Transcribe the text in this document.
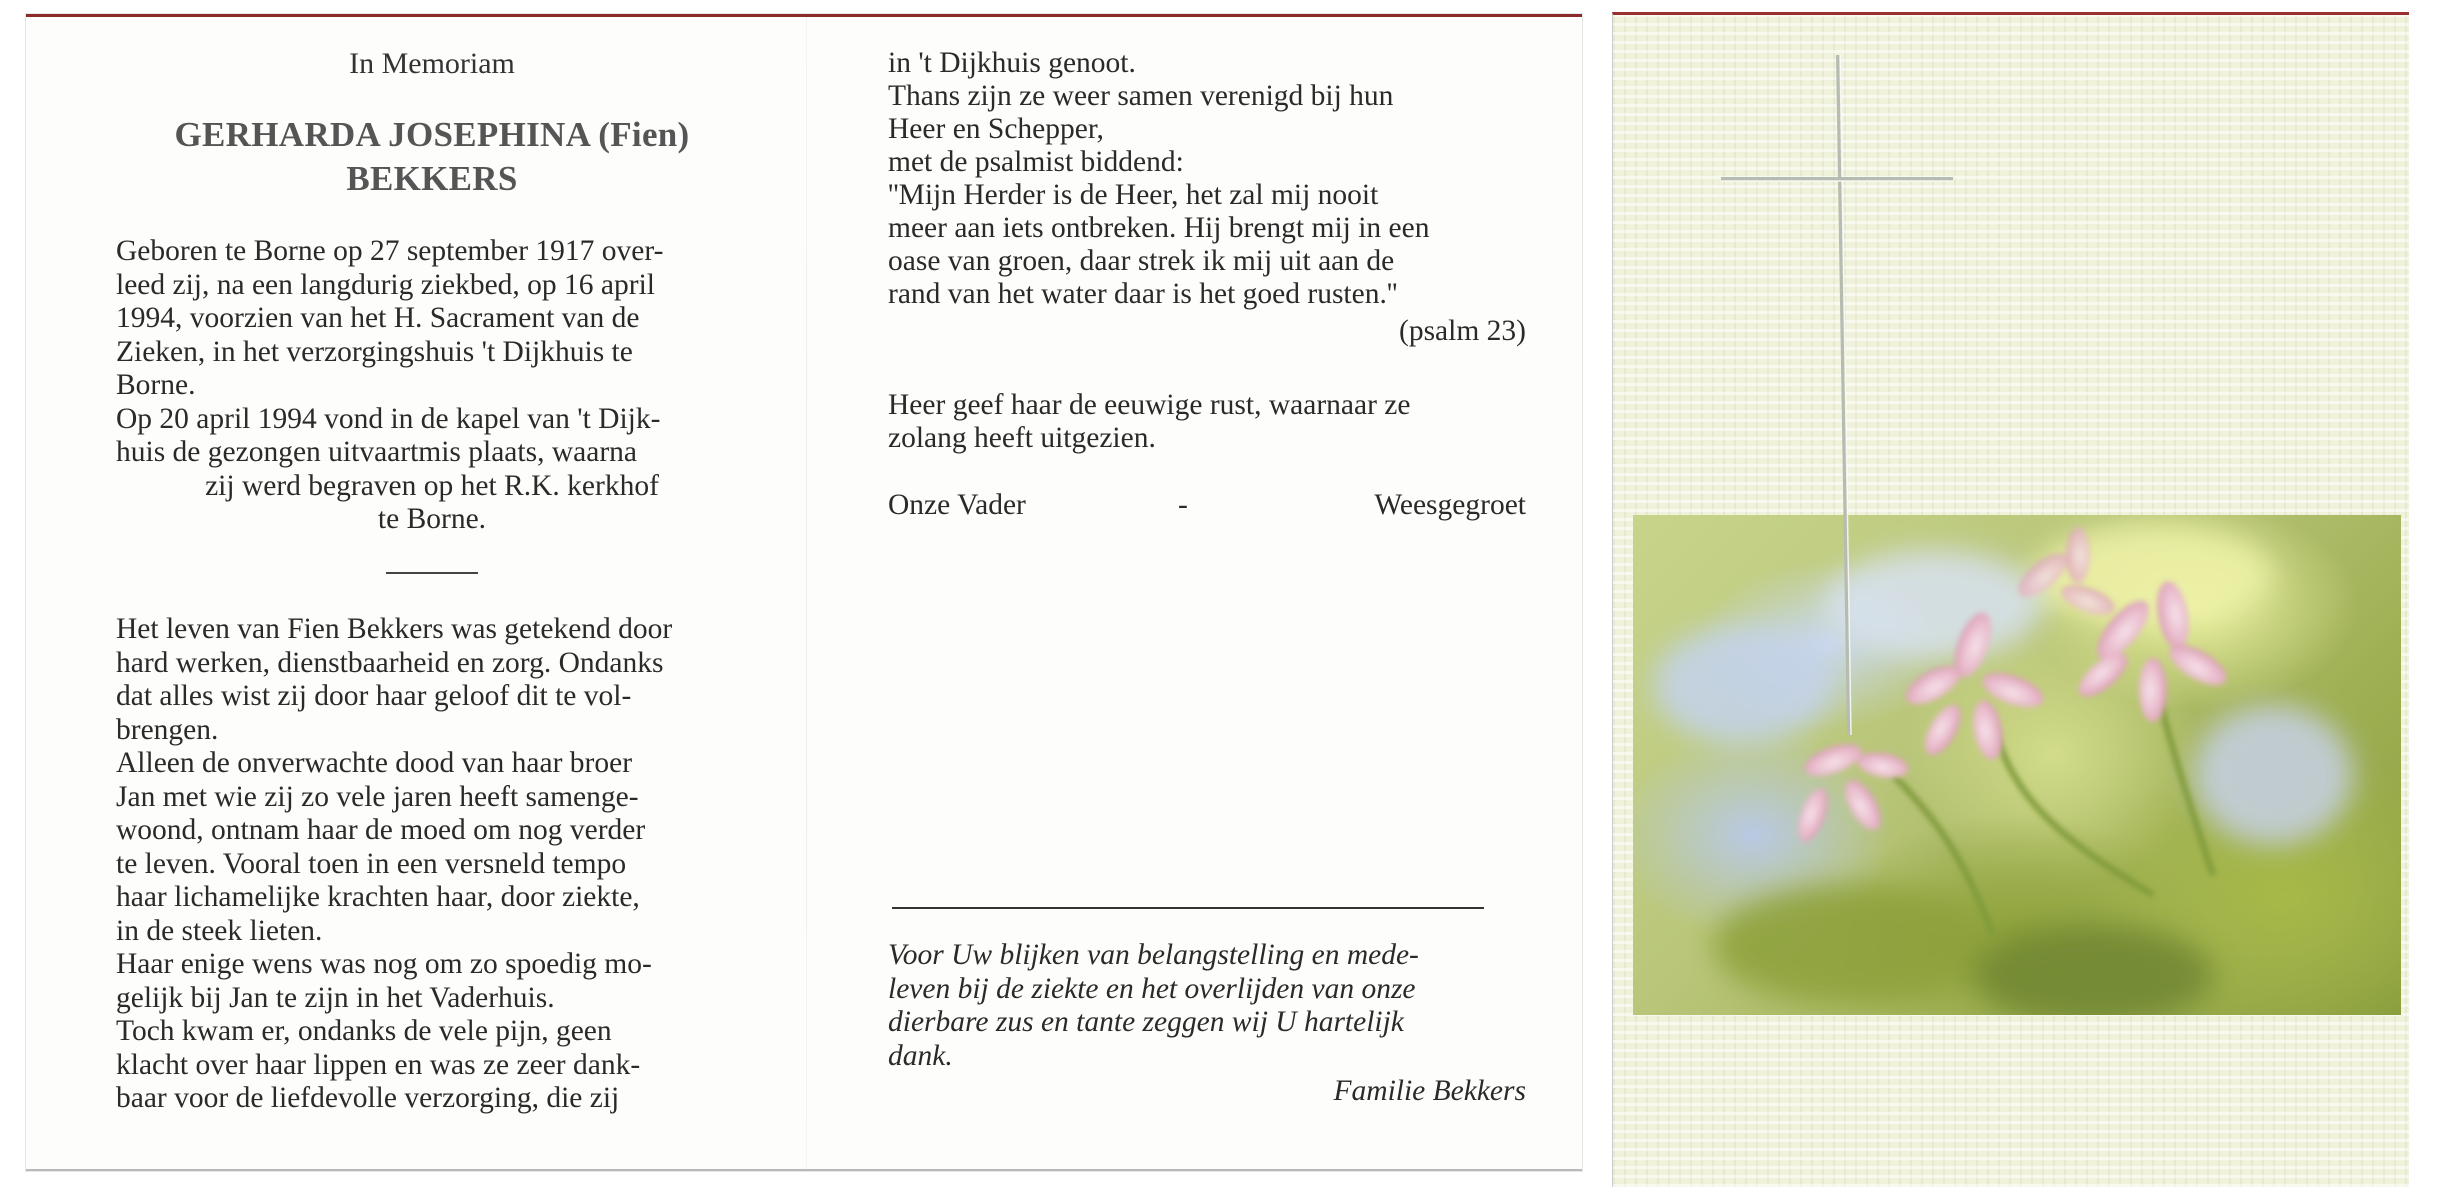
In Memoriam
GERHARDA JOSEPHINA (Fien)
BEKKERS
Geboren te Borne op 27 september 1917 over-
leed zij, na een langdurig ziekbed, op 16 april
1994, voorzien van het H. Sacrament van de
Zieken, in het verzorgingshuis 't Dijkhuis te
Borne.
Op 20 april 1994 vond in de kapel van 't Dijk-
huis de gezongen uitvaartmis plaats, waarna
zij werd begraven op het R.K. kerkhof
te Borne.
Het leven van Fien Bekkers was getekend door
hard werken, dienstbaarheid en zorg. Ondanks
dat alles wist zij door haar geloof dit te vol-
brengen.
Alleen de onverwachte dood van haar broer
Jan met wie zij zo vele jaren heeft samenge-
woond, ontnam haar de moed om nog verder
te leven. Vooral toen in een versneld tempo
haar lichamelijke krachten haar, door ziekte,
in de steek lieten.
Haar enige wens was nog om zo spoedig mo-
gelijk bij Jan te zijn in het Vaderhuis.
Toch kwam er, ondanks de vele pijn, geen
klacht over haar lippen en was ze zeer dank-
baar voor de liefdevolle verzorging, die zij
in 't Dijkhuis genoot.
Thans zijn ze weer samen verenigd bij hun
Heer en Schepper,
met de psalmist biddend:
''Mijn Herder is de Heer, het zal mij nooit
meer aan iets ontbreken. Hij brengt mij in een
oase van groen, daar strek ik mij uit aan de
rand van het water daar is het goed rusten.''
(psalm 23)
Heer geef haar de eeuwige rust, waarnaar ze
zolang heeft uitgezien.
Onze Vader	-	Weesgegroet
Voor Uw blijken van belangstelling en mede-
leven bij de ziekte en het overlijden van onze
dierbare zus en tante zeggen wij U hartelijk
dank.
Familie Bekkers
